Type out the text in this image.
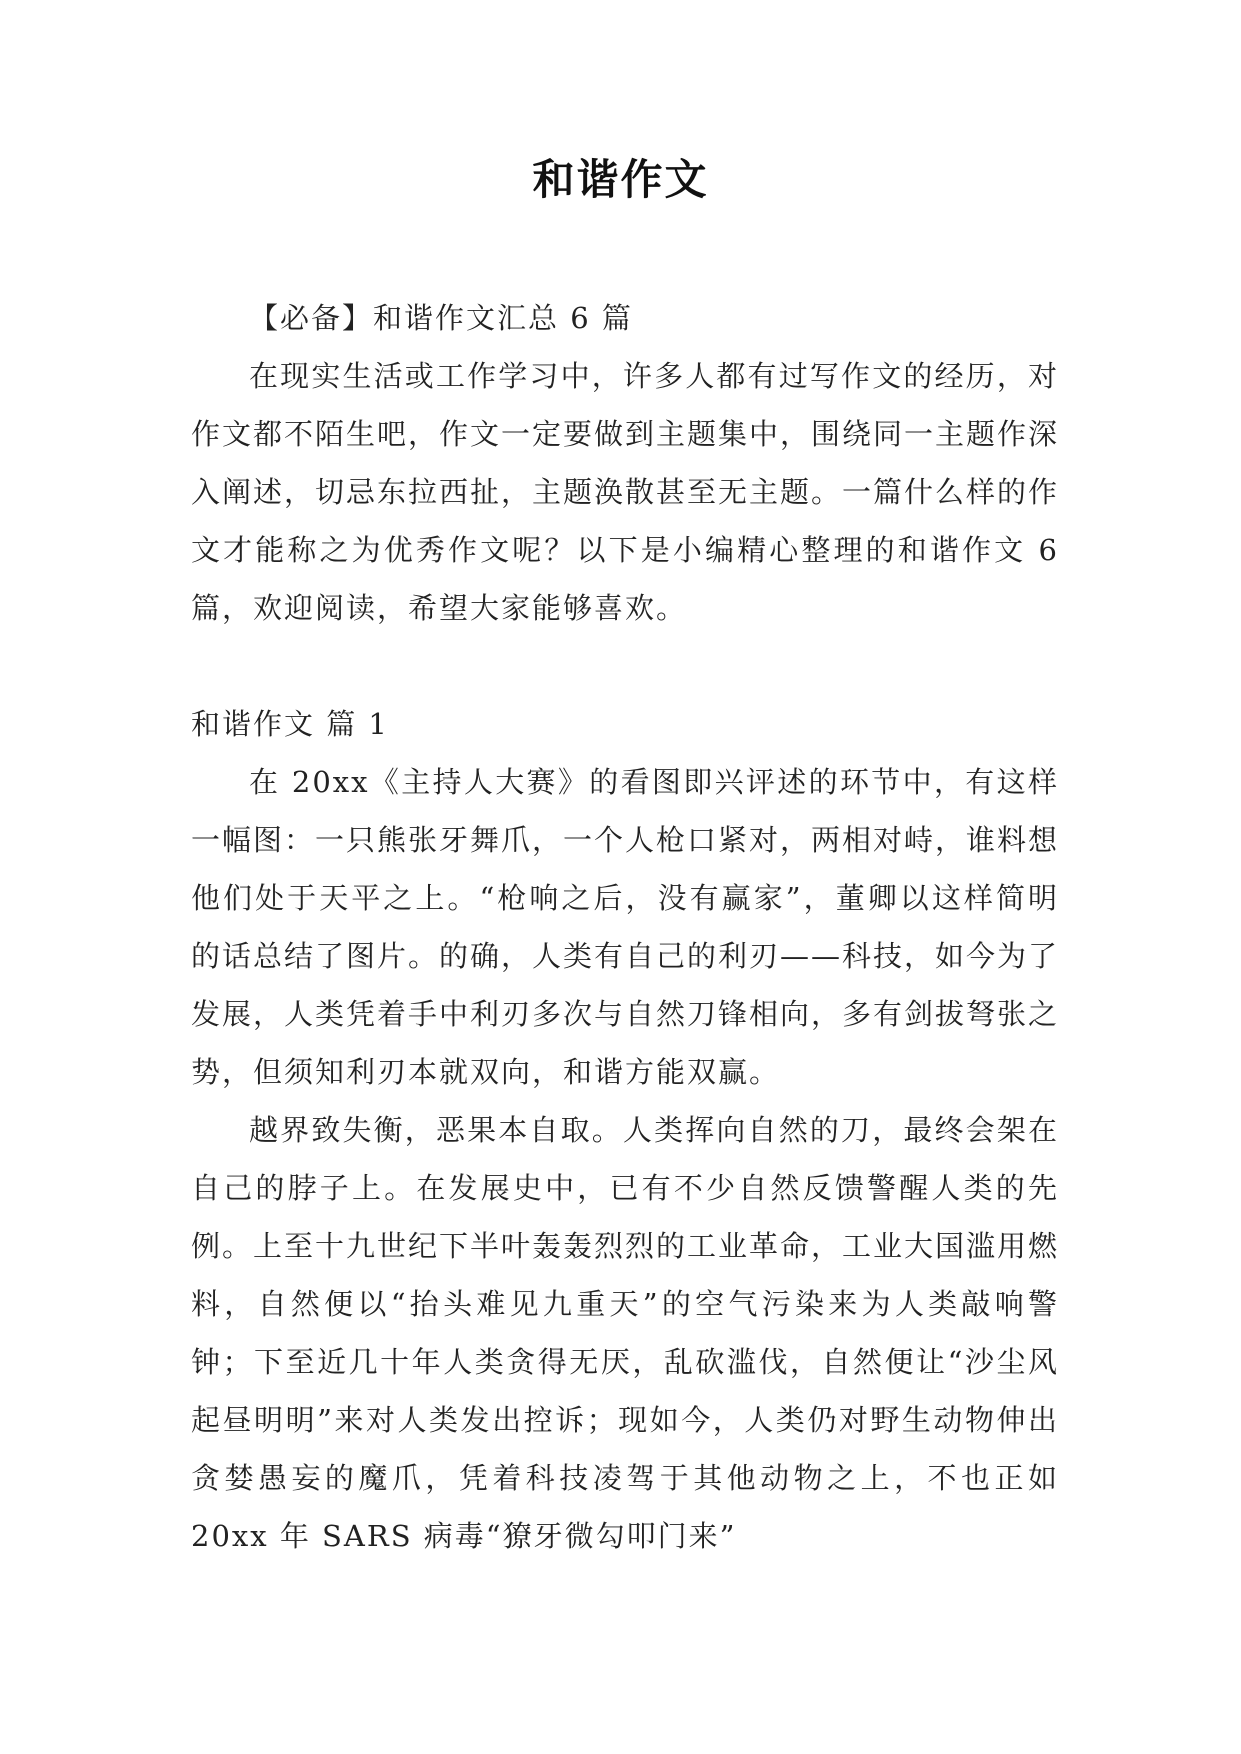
和谐作文

【必备】和谐作文汇总 6 篇

在现实生活或工作学习中，许多人都有过写作文的经历，对作文都不陌生吧，作文一定要做到主题集中，围绕同一主题作深入阐述，切忌东拉西扯，主题涣散甚至无主题。一篇什么样的作文才能称之为优秀作文呢？以下是小编精心整理的和谐作文 6 篇，欢迎阅读，希望大家能够喜欢。

和谐作文 篇 1

在 20xx《主持人大赛》的看图即兴评述的环节中，有这样一幅图：一只熊张牙舞爪，一个人枪口紧对，两相对峙，谁料想他们处于天平之上。“枪响之后，没有赢家”，董卿以这样简明的话总结了图片。的确，人类有自己的利刃——科技，如今为了发展，人类凭着手中利刃多次与自然刀锋相向，多有剑拔弩张之势，但须知利刃本就双向，和谐方能双赢。

越界致失衡，恶果本自取。人类挥向自然的刀，最终会架在自己的脖子上。在发展史中，已有不少自然反馈警醒人类的先例。上至十九世纪下半叶轰轰烈烈的工业革命，工业大国滥用燃料，自然便以“抬头难见九重天”的空气污染来为人类敲响警钟；下至近几十年人类贪得无厌，乱砍滥伐，自然便让“沙尘风起昼明明”来对人类发出控诉；现如今，人类仍对野生动物伸出贪婪愚妄的魔爪，凭着科技凌驾于其他动物之上，不也正如 20xx 年 SARS 病毒“獠牙微勾叩门来”
